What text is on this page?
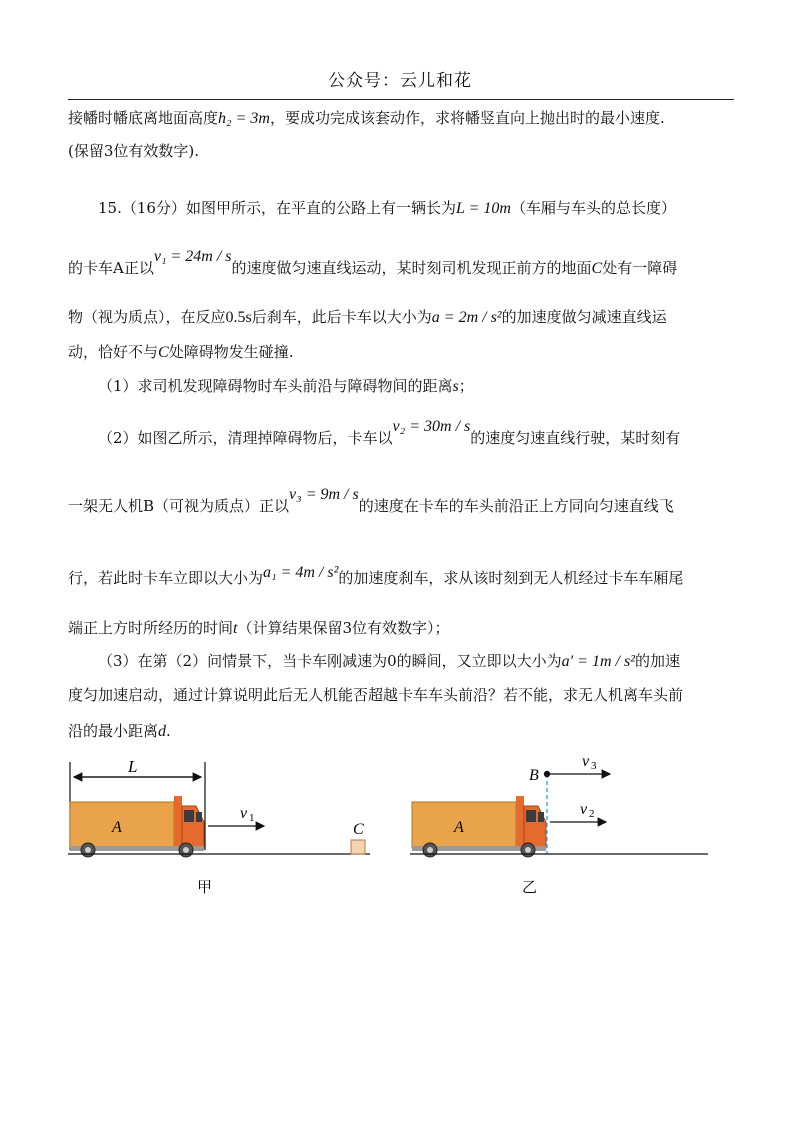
公众号：云儿和花
接幡时幡底离地面高度h₂ = 3m，要成功完成该套动作，求将幡竖直向上抛出时的最小速度.
(保留3位有效数字).
15.（16分）如图甲所示，在平直的公路上有一辆长为L = 10m（车厢与车头的总长度）
的卡车A正以v₁ = 24m / s的速度做匀速直线运动，某时刻司机发现正前方的地面C处有一障碍
物（视为质点），在反应0.5s后刹车，此后卡车以大小为a = 2m / s²的加速度做匀减速直线运
动，恰好不与C处障碍物发生碰撞.
（1）求司机发现障碍物时车头前沿与障碍物间的距离s；
（2）如图乙所示，清理掉障碍物后，卡车以v₂ = 30m / s的速度匀速直线行驶，某时刻有
一架无人机B（可视为质点）正以v₃ = 9m / s的速度在卡车的车头前沿正上方同向匀速直线飞
行，若此时卡车立即以大小为a₁ = 4m / s²的加速度刹车，求从该时刻到无人机经过卡车车厢尾
端正上方时所经历的时间t（计算结果保留3位有效数字）；
（3）在第（2）问情景下，当卡车刚减速为0的瞬间，又立即以大小为a′ = 1m / s²的加速
度匀加速启动，通过计算说明此后无人机能否超越卡车车头前沿？若不能，求无人机离车头前
沿的最小距离d.
L
A
v 1
C
甲
A
B
v 3
v 2
乙
